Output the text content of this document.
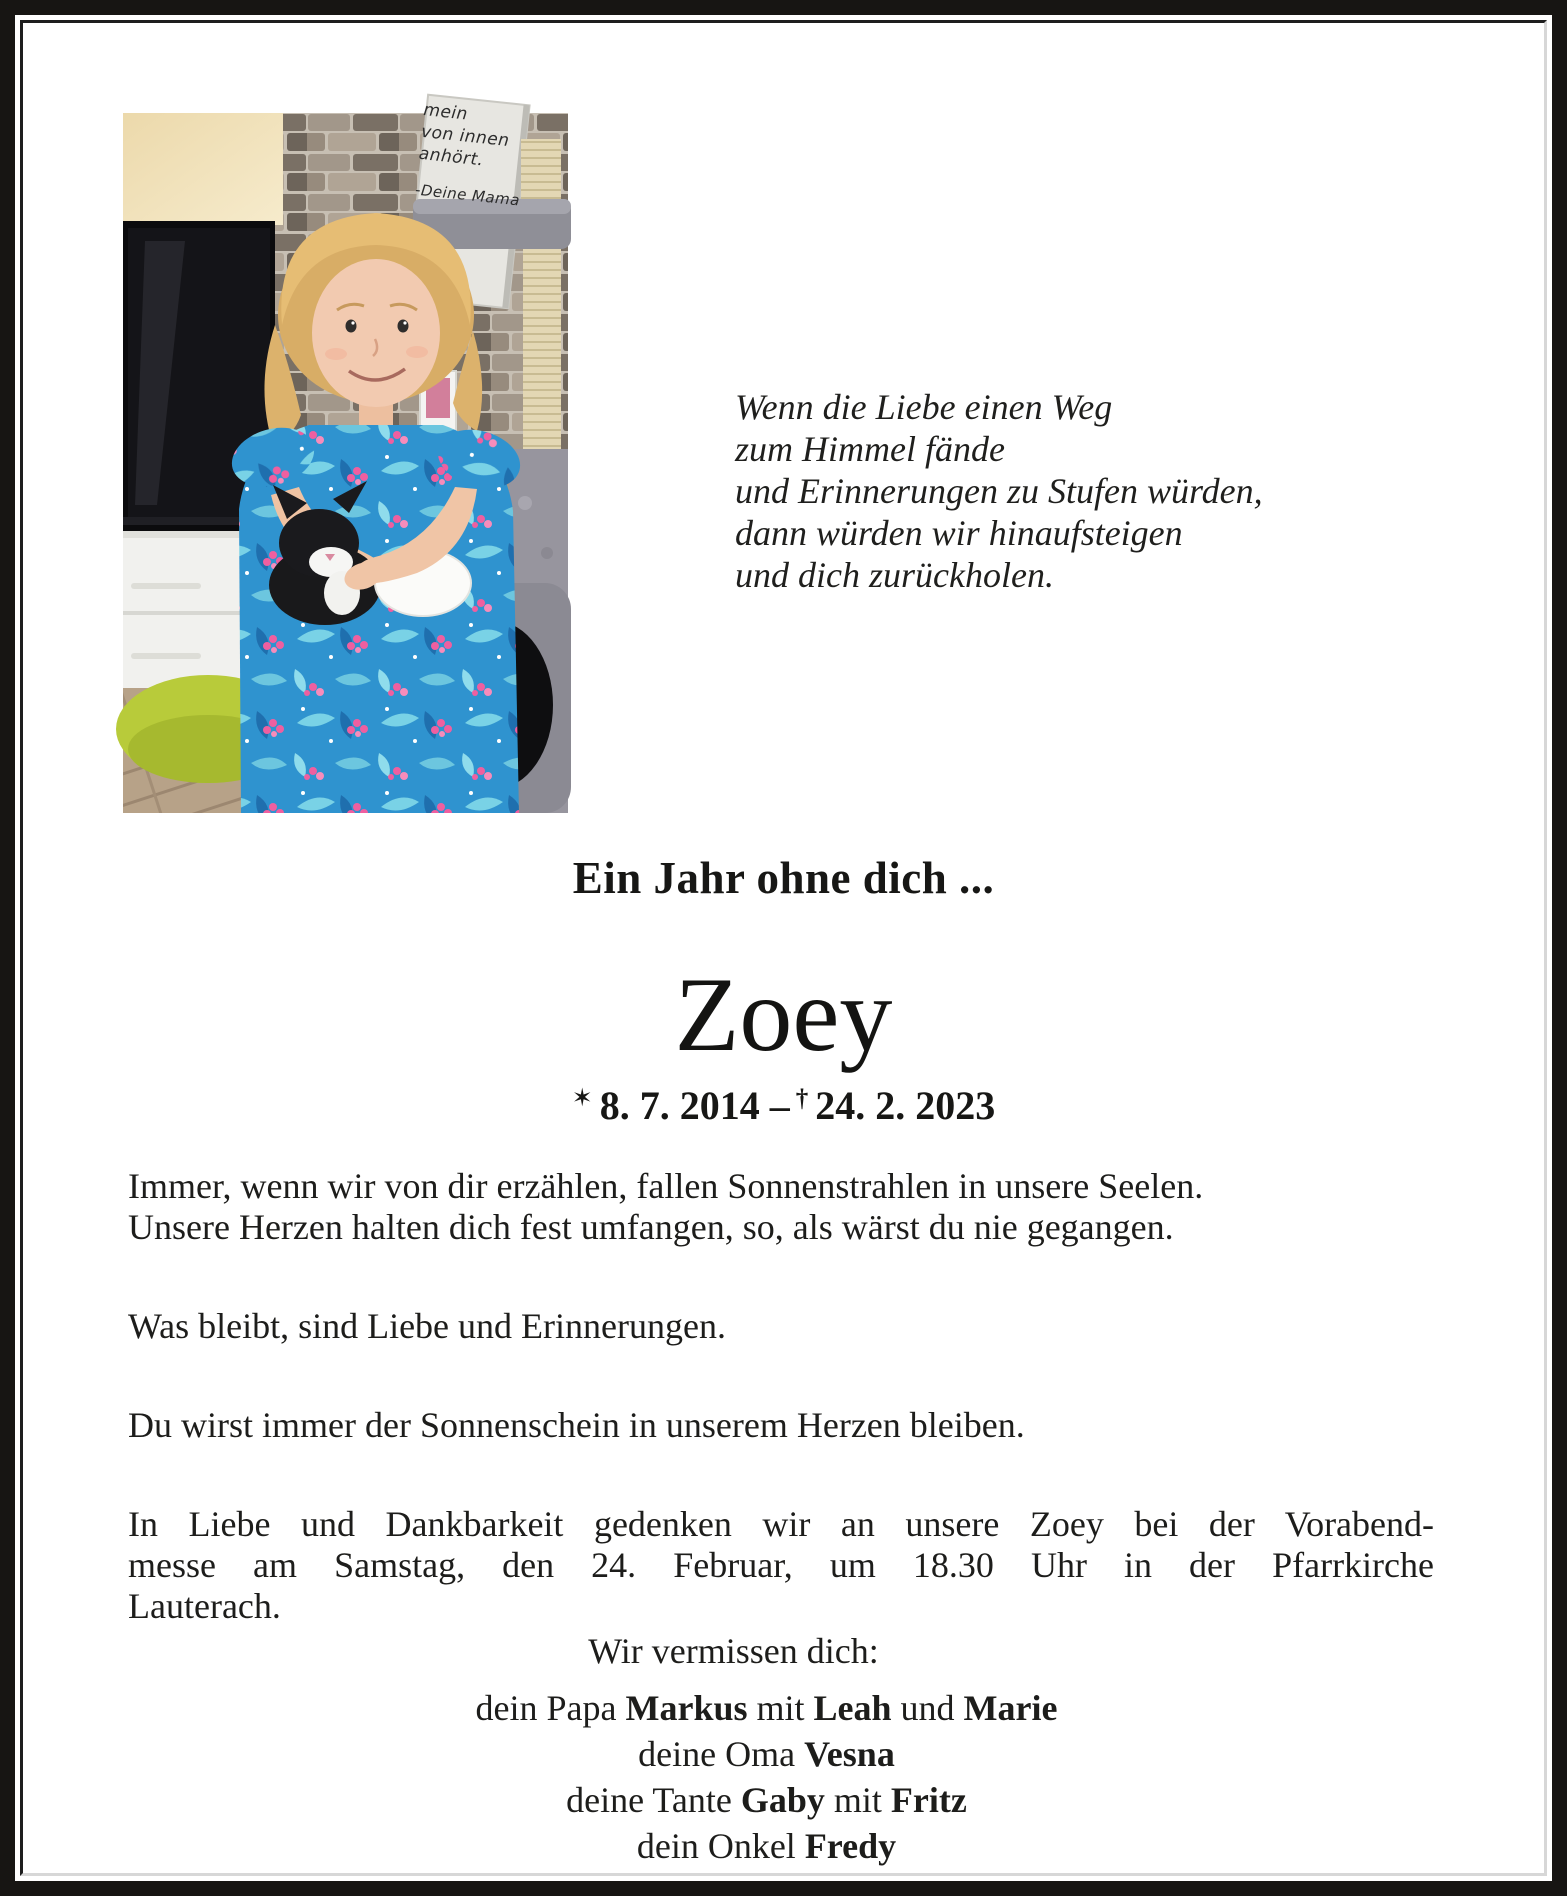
mein
von innen
anhört.
-Deine Mama
Wenn die Liebe einen Weg
zum Himmel fände
und Erinnerungen zu Stufen würden,
dann würden wir hinaufsteigen
und dich zurückholen.
Ein Jahr ohne dich ...
Zoey
✶ 8. 7. 2014 – † 24. 2. 2023
Immer, wenn wir von dir erzählen, fallen Sonnenstrahlen in unsere Seelen.
Unsere Herzen halten dich fest umfangen, so, als wärst du nie gegangen.
Was bleibt, sind Liebe und Erinnerungen.
Du wirst immer der Sonnenschein in unserem Herzen bleiben.
In Liebe und Dankbarkeit gedenken wir an unsere Zoey bei der Vorabend-
messe am Samstag, den 24. Februar, um 18.30 Uhr in der Pfarrkirche
Lauterach.
Wir vermissen dich:
dein Papa Markus mit Leah und Marie
deine Oma Vesna
deine Tante Gaby mit Fritz
dein Onkel Fredy
